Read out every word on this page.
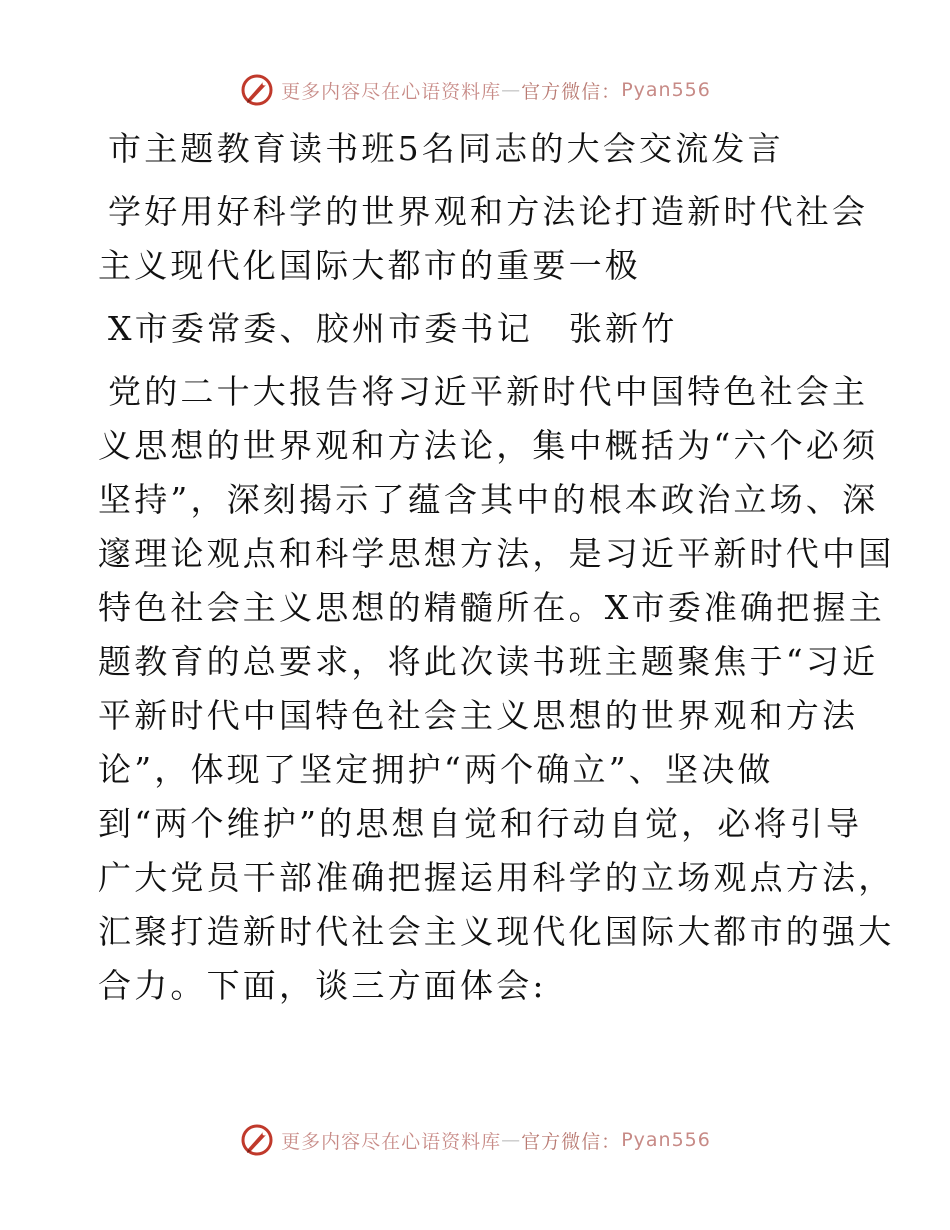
更多内容尽在心语资料库 — 官方微信： Pyan556
市主题教育读书班5名同志的大会交流发言
学好用好科学的世界观和方法论打造新时代社会
主义现代化国际大都市的重要一极
X市委常委、胶州市委书记 张新竹
党的二十大报告将习近平新时代中国特色社会主
义思想的世界观和方法论，集中概括为“六个必须
坚持”，深刻揭示了蕴含其中的根本政治立场、深
邃理论观点和科学思想方法，是习近平新时代中国
特色社会主义思想的精髓所在。X市委准确把握主
题教育的总要求，将此次读书班主题聚焦于“习近
平新时代中国特色社会主义思想的世界观和方法
论”，体现了坚定拥护“两个确立”、坚决做
到“两个维护”的思想自觉和行动自觉，必将引导
广大党员干部准确把握运用科学的立场观点方法，
汇聚打造新时代社会主义现代化国际大都市的强大
合力。下面，谈三方面体会:
更多内容尽在心语资料库 — 官方微信： Pyan556
